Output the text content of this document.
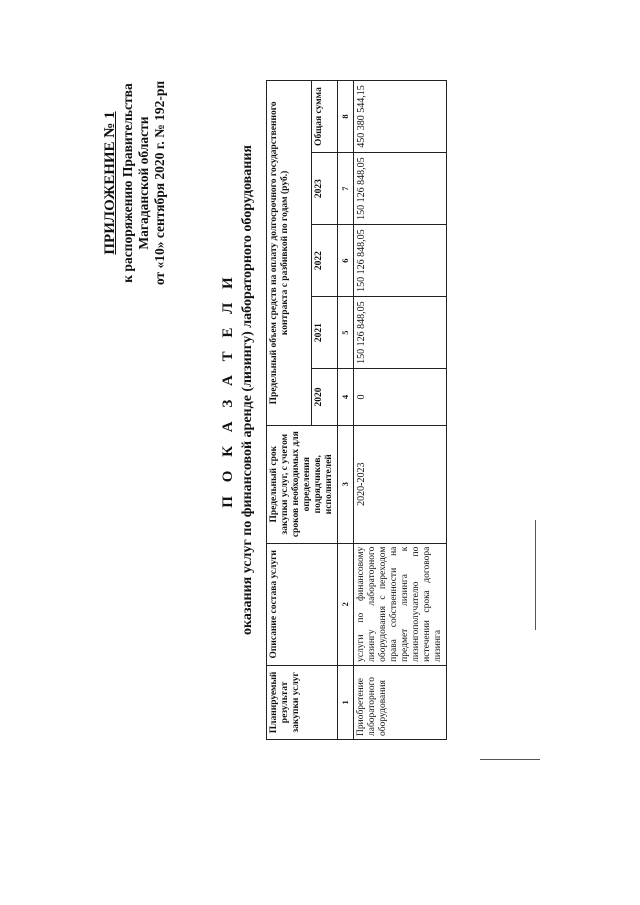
ПРИЛОЖЕНИЕ № 1 к распоряжению Правительства Магаданской области от «10» сентября 2020 г. № 192-рп
П О К А З А Т Е Л И оказания услуг по финансовой аренде (лизингу) лабораторного оборудования
Планируемый результат закупки услуг	Описание состава услуги	Предельный срок закупки услуг, с учетом сроков необходимых для определения подрядчиков, исполнителей	Предельный объем средств на оплату долгосрочного государственного контракта с разбивкой по годам (руб.)				
			2020	2021	2022	2023	Общая сумма
1	2	3	4	5	6	7	8
Приобретение лабораторного оборудования	услуги по финансовому лизингу лабораторного оборудования с переходом права собственности на предмет лизинга к лизингополучателю по истечении срока договора лизинга	2020-2023	0	150 126 848,05	150 126 848,05	150 126 848,05	450 380 544,15
